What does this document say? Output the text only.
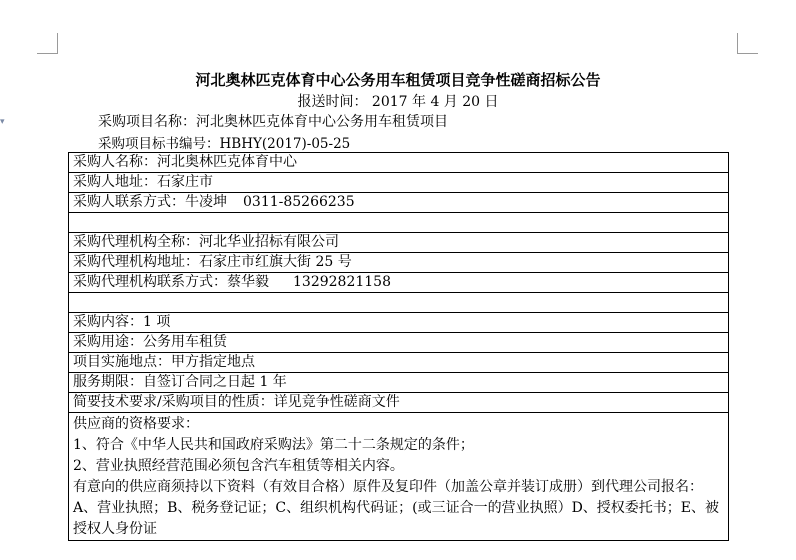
▾
河北奥林匹克体育中心公务用车租赁项目竞争性磋商招标公告
报送时间： 2017 年 4 月 20 日
采购项目名称：河北奥林匹克体育中心公务用车租赁项目
采购项目标书编号：HBHY(2017)-05-25
采购人名称：河北奥林匹克体育中心
采购人地址：石家庄市
采购人联系方式：牛凌坤 0311-85266235

采购代理机构全称：河北华业招标有限公司
采购代理机构地址：石家庄市红旗大街 25 号
采购代理机构联系方式：蔡华毅 13292821158

采购内容：1 项
采购用途：公务用车租赁
项目实施地点：甲方指定地点
服务期限：自签订合同之日起 1 年
简要技术要求/采购项目的性质：详见竞争性磋商文件

供应商的资格要求：
1、符合《中华人民共和国政府采购法》第二十二条规定的条件；
2、营业执照经营范围必须包含汽车租赁等相关内容。
有意向的供应商须持以下资料（有效目合格）原件及复印件（加盖公章并装订成册）到代理公司报名：
A、营业执照；B、税务登记证；C、组织机构代码证；(或三证合一的营业执照）D、授权委托书；E、被
授权人身份证
